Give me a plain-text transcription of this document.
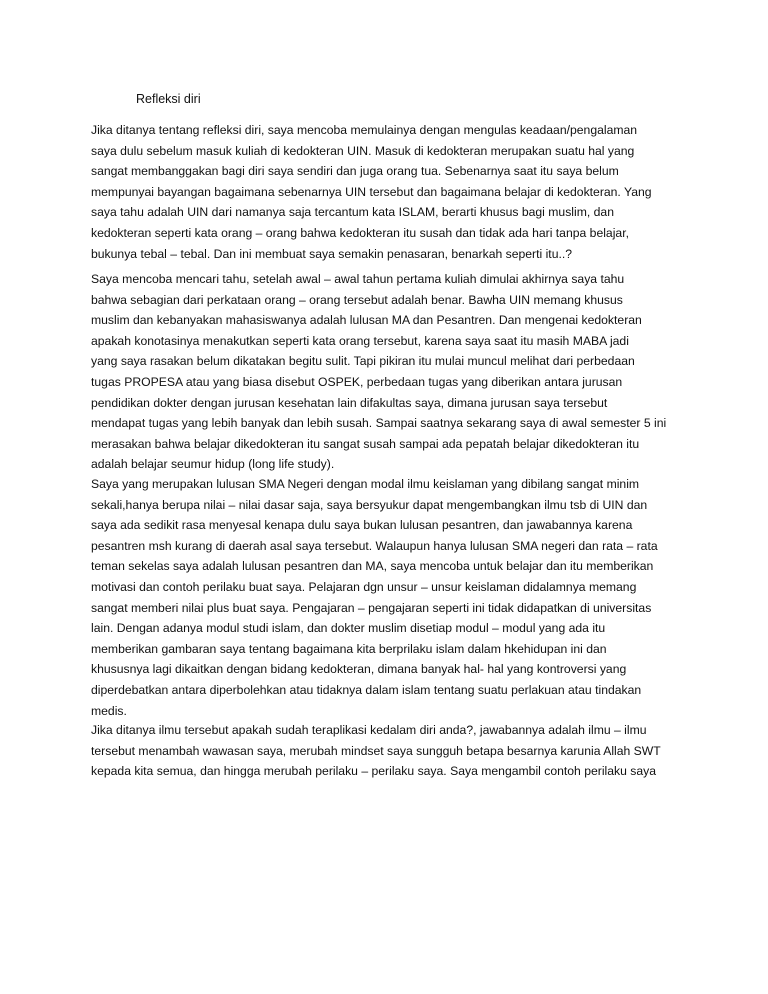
Refleksi diri
Jika ditanya tentang refleksi diri, saya mencoba memulainya dengan mengulas keadaan/pengalaman
saya dulu sebelum masuk kuliah di kedokteran UIN. Masuk di kedokteran merupakan suatu hal yang
sangat membanggakan bagi diri saya sendiri dan juga orang tua. Sebenarnya saat itu saya belum
mempunyai bayangan bagaimana sebenarnya UIN tersebut dan bagaimana belajar di kedokteran. Yang
saya tahu adalah UIN dari namanya saja tercantum kata ISLAM, berarti khusus bagi muslim, dan
kedokteran seperti kata orang – orang bahwa kedokteran itu susah dan tidak ada hari tanpa belajar,
bukunya tebal – tebal. Dan ini membuat saya semakin penasaran, benarkah seperti itu..?
Saya mencoba mencari tahu, setelah awal – awal tahun pertama kuliah dimulai akhirnya saya tahu
bahwa sebagian dari perkataan orang – orang tersebut adalah benar. Bawha UIN memang khusus
muslim dan kebanyakan mahasiswanya adalah lulusan MA dan Pesantren. Dan mengenai kedokteran
apakah konotasinya menakutkan seperti kata orang tersebut, karena saya saat itu masih MABA jadi
yang saya rasakan belum dikatakan begitu sulit. Tapi pikiran itu mulai muncul melihat dari perbedaan
tugas PROPESA atau yang biasa disebut OSPEK, perbedaan tugas yang diberikan antara jurusan
pendidikan dokter dengan jurusan kesehatan lain difakultas saya, dimana jurusan saya tersebut
mendapat tugas yang lebih banyak dan lebih susah. Sampai saatnya sekarang saya di awal semester 5 ini
merasakan bahwa belajar dikedokteran itu sangat susah sampai ada pepatah belajar dikedokteran itu
adalah belajar seumur hidup (long life study).
Saya yang merupakan lulusan SMA Negeri dengan modal ilmu keislaman yang dibilang sangat minim
sekali,hanya berupa nilai – nilai dasar saja, saya bersyukur dapat mengembangkan ilmu tsb di UIN dan
saya ada sedikit rasa menyesal kenapa dulu saya bukan lulusan pesantren, dan jawabannya karena
pesantren msh kurang di daerah asal saya tersebut. Walaupun hanya lulusan SMA negeri dan rata – rata
teman sekelas saya adalah lulusan pesantren dan MA, saya mencoba untuk belajar dan itu memberikan
motivasi dan contoh perilaku buat saya. Pelajaran dgn unsur – unsur keislaman didalamnya memang
sangat memberi nilai plus buat saya. Pengajaran – pengajaran seperti ini tidak didapatkan di universitas
lain. Dengan adanya modul studi islam, dan dokter muslim disetiap modul – modul yang ada itu
memberikan gambaran saya tentang bagaimana kita berprilaku islam dalam hkehidupan ini dan
khususnya lagi dikaitkan dengan bidang kedokteran, dimana banyak hal- hal yang kontroversi yang
diperdebatkan antara diperbolehkan atau tidaknya dalam islam tentang suatu perlakuan atau tindakan
medis.
Jika ditanya ilmu tersebut apakah sudah teraplikasi kedalam diri anda?, jawabannya adalah ilmu – ilmu
tersebut menambah wawasan saya, merubah mindset saya sungguh betapa besarnya karunia Allah SWT
kepada kita semua, dan hingga merubah perilaku – perilaku saya. Saya mengambil contoh perilaku saya
